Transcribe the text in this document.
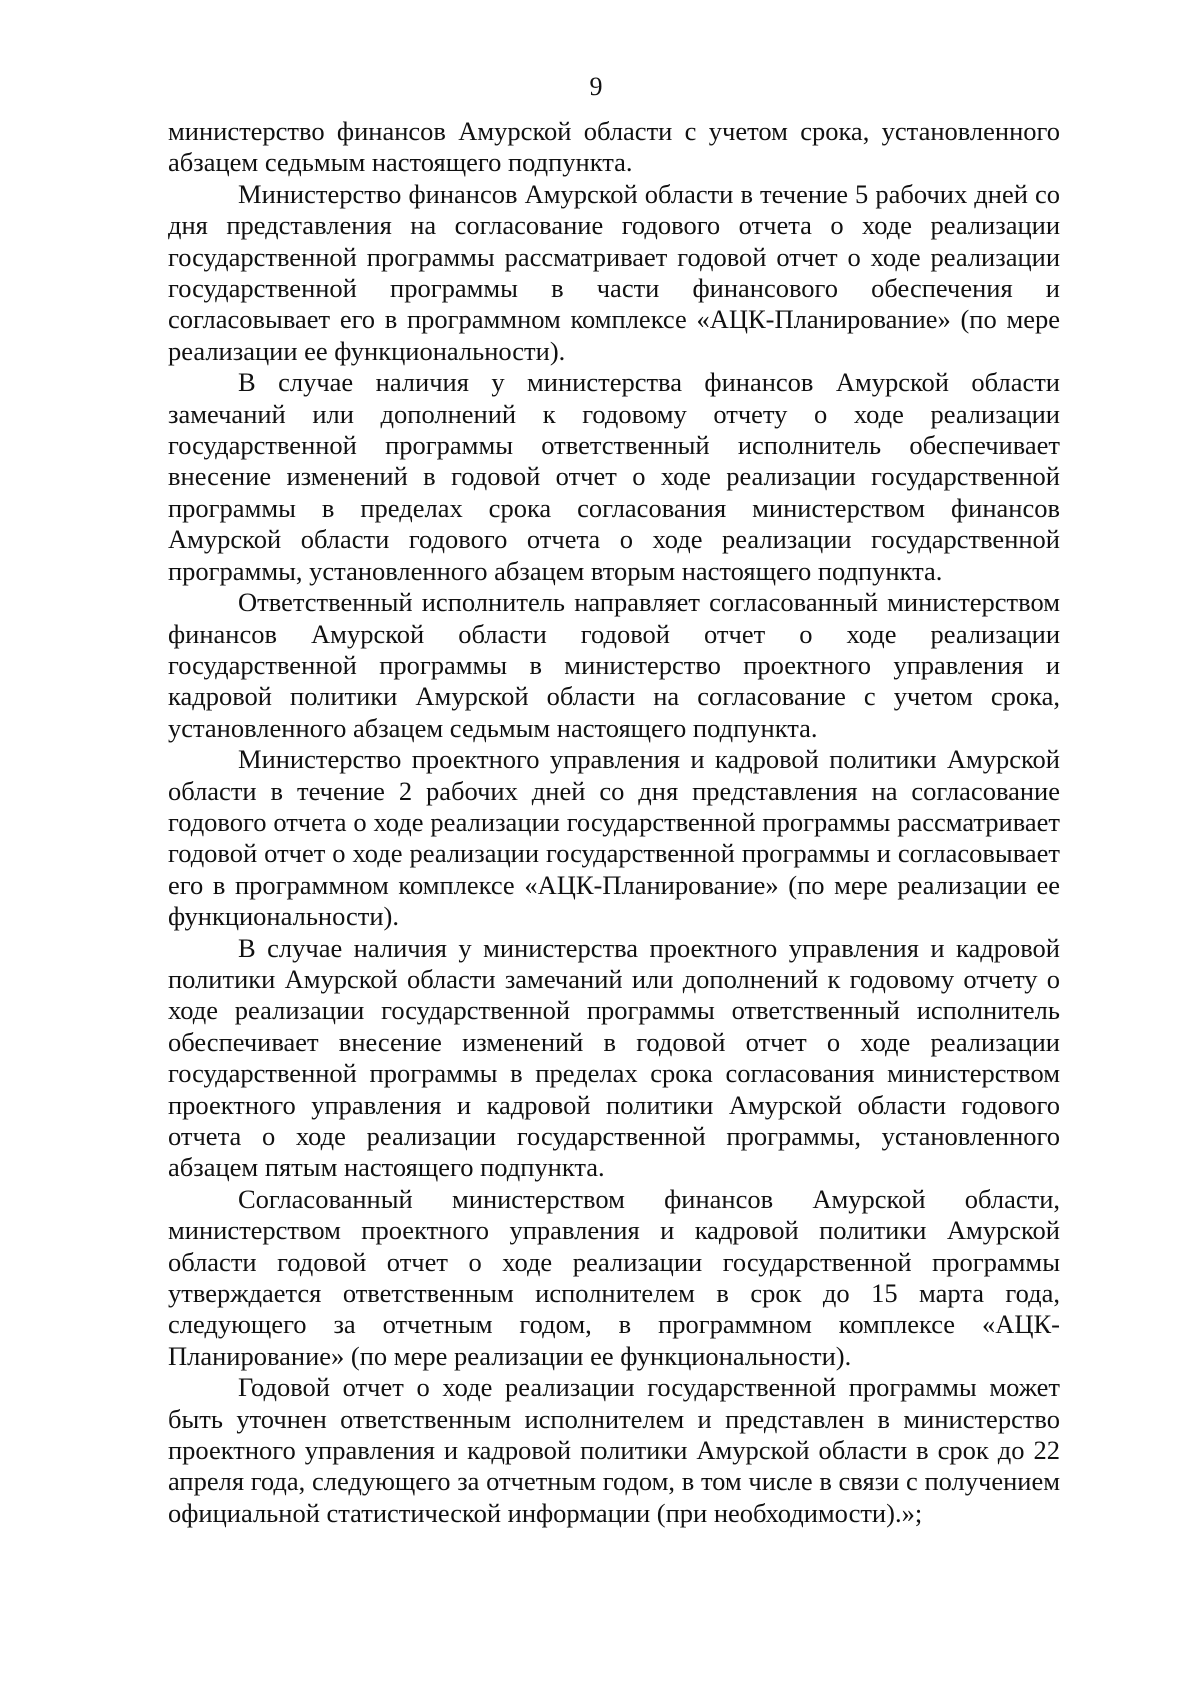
9

министерство финансов Амурской области с учетом срока, установленного абзацем седьмым настоящего подпункта.

Министерство финансов Амурской области в течение 5 рабочих дней со дня представления на согласование годового отчета о ходе реализации государственной программы рассматривает годовой отчет о ходе реализации государственной программы в части финансового обеспечения и согласовывает его в программном комплексе «АЦК-Планирование» (по мере реализации ее функциональности).

В случае наличия у министерства финансов Амурской области замечаний или дополнений к годовому отчету о ходе реализации государственной программы ответственный исполнитель обеспечивает внесение изменений в годовой отчет о ходе реализации государственной программы в пределах срока согласования министерством финансов Амурской области годового отчета о ходе реализации государственной программы, установленного абзацем вторым настоящего подпункта.

Ответственный исполнитель направляет согласованный министерством финансов Амурской области годовой отчет о ходе реализации государственной программы в министерство проектного управления и кадровой политики Амурской области на согласование с учетом срока, установленного абзацем седьмым настоящего подпункта.

Министерство проектного управления и кадровой политики Амурской области в течение 2 рабочих дней со дня представления на согласование годового отчета о ходе реализации государственной программы рассматривает годовой отчет о ходе реализации государственной программы и согласовывает его в программном комплексе «АЦК-Планирование» (по мере реализации ее функциональности).

В случае наличия у министерства проектного управления и кадровой политики Амурской области замечаний или дополнений к годовому отчету о ходе реализации государственной программы ответственный исполнитель обеспечивает внесение изменений в годовой отчет о ходе реализации государственной программы в пределах срока согласования министерством проектного управления и кадровой политики Амурской области годового отчета о ходе реализации государственной программы, установленного абзацем пятым настоящего подпункта.

Согласованный министерством финансов Амурской области, министерством проектного управления и кадровой политики Амурской области годовой отчет о ходе реализации государственной программы утверждается ответственным исполнителем в срок до 15 марта года, следующего за отчетным годом, в программном комплексе «АЦК-Планирование» (по мере реализации ее функциональности).

Годовой отчет о ходе реализации государственной программы может быть уточнен ответственным исполнителем и представлен в министерство проектного управления и кадровой политики Амурской области в срок до 22 апреля года, следующего за отчетным годом, в том числе в связи с получением официальной статистической информации (при необходимости).»;
